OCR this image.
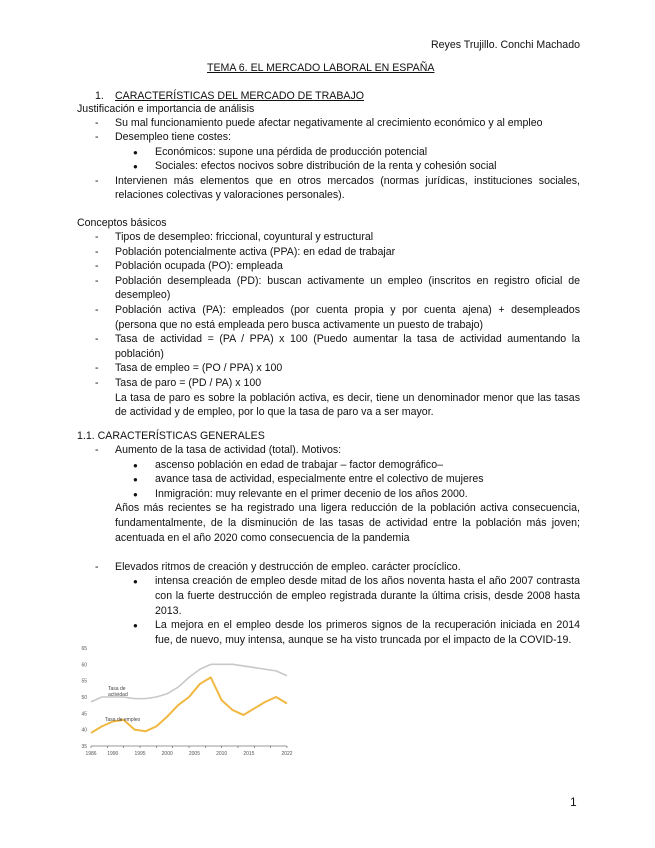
Reyes Trujillo. Conchi Machado
TEMA 6. EL MERCADO LABORAL EN ESPAÑA
1. CARACTERÍSTICAS DEL MERCADO DE TRABAJO
Justificación e importancia de análisis
35
40
45
50
55
60
65
1986 1990	1995	2000	2005	2010	2015	2022
Tasa de
actividad
Tasa de empleo
1
- Su mal funcionamiento puede afectar negativamente al crecimiento económico y al empleo
- Desempleo tiene costes:
● Económicos: supone una pérdida de producción potencial
● Sociales: efectos nocivos sobre distribución de la renta y cohesión social
- Intervienen más elementos que en otros mercados (normas jurídicas, instituciones sociales,
relaciones colectivas y valoraciones personales).
Conceptos básicos
- Tipos de desempleo: friccional, coyuntural y estructural
- Población potencialmente activa (PPA): en edad de trabajar
- Población ocupada (PO): empleada
- Población desempleada (PD): buscan activamente un empleo (inscritos en registro oficial de
desempleo)
- Población activa (PA): empleados (por cuenta propia y por cuenta ajena) + desempleados
(persona que no está empleada pero busca activamente un puesto de trabajo)
- Tasa de actividad = (PA / PPA) x 100 (Puedo aumentar la tasa de actividad aumentando la
población)
- Tasa de empleo = (PO / PPA) x 100
- Tasa de paro = (PD / PA) x 100
La tasa de paro es sobre la población activa, es decir, tiene un denominador menor que las tasas
de actividad y de empleo, por lo que la tasa de paro va a ser mayor.
1.1. CARACTERÍSTICAS GENERALES
- Aumento de la tasa de actividad (total). Motivos:
● ascenso población en edad de trabajar – factor demográfico–
● avance tasa de actividad, especialmente entre el colectivo de mujeres
● Inmigración: muy relevante en el primer decenio de los años 2000.
Años más recientes se ha registrado una ligera reducción de la población activa consecuencia,
fundamentalmente, de la disminución de las tasas de actividad entre la población más joven;
acentuada en el año 2020 como consecuencia de la pandemia
- Elevados ritmos de creación y destrucción de empleo. carácter procíclico.
● intensa creación de empleo desde mitad de los años noventa hasta el año 2007 contrasta
con la fuerte destrucción de empleo registrada durante la última crisis, desde 2008 hasta
2013.
● La mejora en el empleo desde los primeros signos de la recuperación iniciada en 2014
fue, de nuevo, muy intensa, aunque se ha visto truncada por el impacto de la COVID-19.
